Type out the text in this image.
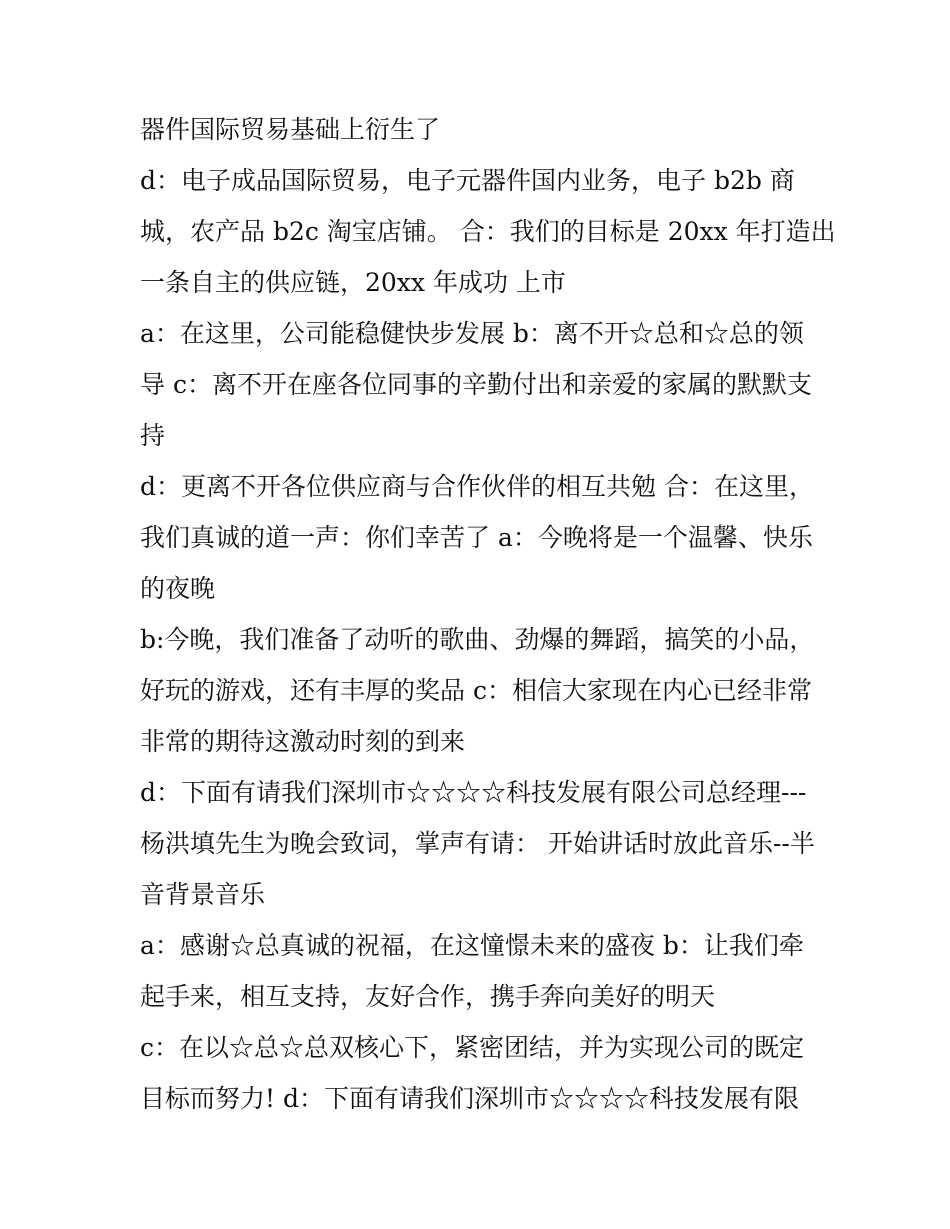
器件国际贸易基础上衍生了
d：电子成品国际贸易，电子元器件国内业务，电子 b2b 商
城，农产品 b2c 淘宝店铺。 合：我们的目标是 20xx 年打造出
一条自主的供应链，20xx 年成功 上市
a：在这里，公司能稳健快步发展 b：离不开☆总和☆总的领
导 c：离不开在座各位同事的辛勤付出和亲爱的家属的默默支
持
d：更离不开各位供应商与合作伙伴的相互共勉 合：在这里，
我们真诚的道一声：你们幸苦了 a：今晚将是一个温馨、快乐
的夜晚
b:今晚，我们准备了动听的歌曲、劲爆的舞蹈，搞笑的小品，
好玩的游戏，还有丰厚的奖品 c：相信大家现在内心已经非常
非常的期待这激动时刻的到来
d：下面有请我们深圳市☆☆☆☆科技发展有限公司总经理---
杨洪填先生为晚会致词，掌声有请： 开始讲话时放此音乐--半
音背景音乐
a：感谢☆总真诚的祝福，在这憧憬未来的盛夜 b：让我们牵
起手来，相互支持，友好合作，携手奔向美好的明天
c：在以☆总☆总双核心下，紧密团结，并为实现公司的既定
目标而努力! d：下面有请我们深圳市☆☆☆☆科技发展有限
